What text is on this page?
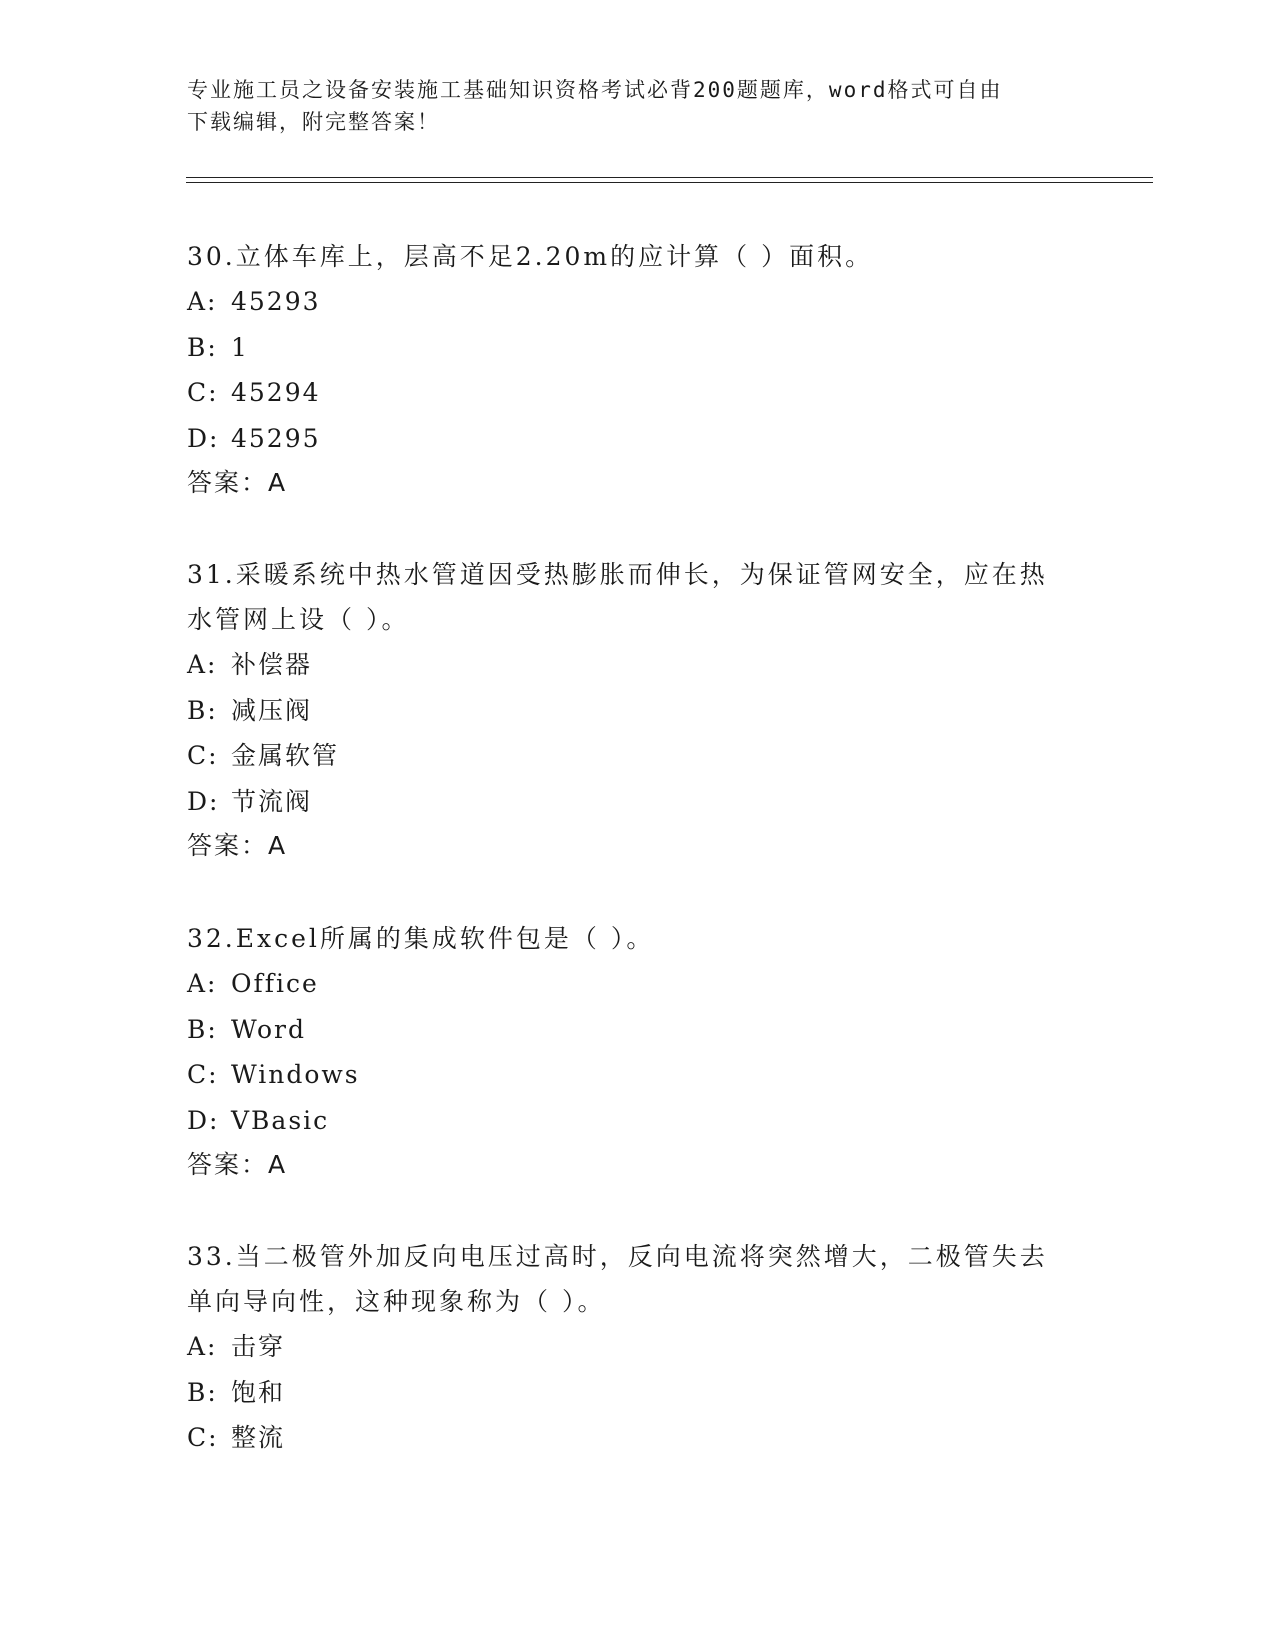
专业施工员之设备安装施工基础知识资格考试必背200题题库，word格式可自由
下载编辑，附完整答案！
30.立体车库上，层高不足2.20m的应计算（ ）面积。
A: 45293
B: 1
C: 45294
D: 45295
答案：A
31.采暖系统中热水管道因受热膨胀而伸长，为保证管网安全，应在热
水管网上设（ ）。
A: 补偿器
B: 减压阀
C: 金属软管
D: 节流阀
答案：A
32.Excel所属的集成软件包是（ ）。
A: Office
B: Word
C: Windows
D: VBasic
答案：A
33.当二极管外加反向电压过高时，反向电流将突然增大，二极管失去
单向导向性，这种现象称为（ ）。
A: 击穿
B: 饱和
C: 整流
